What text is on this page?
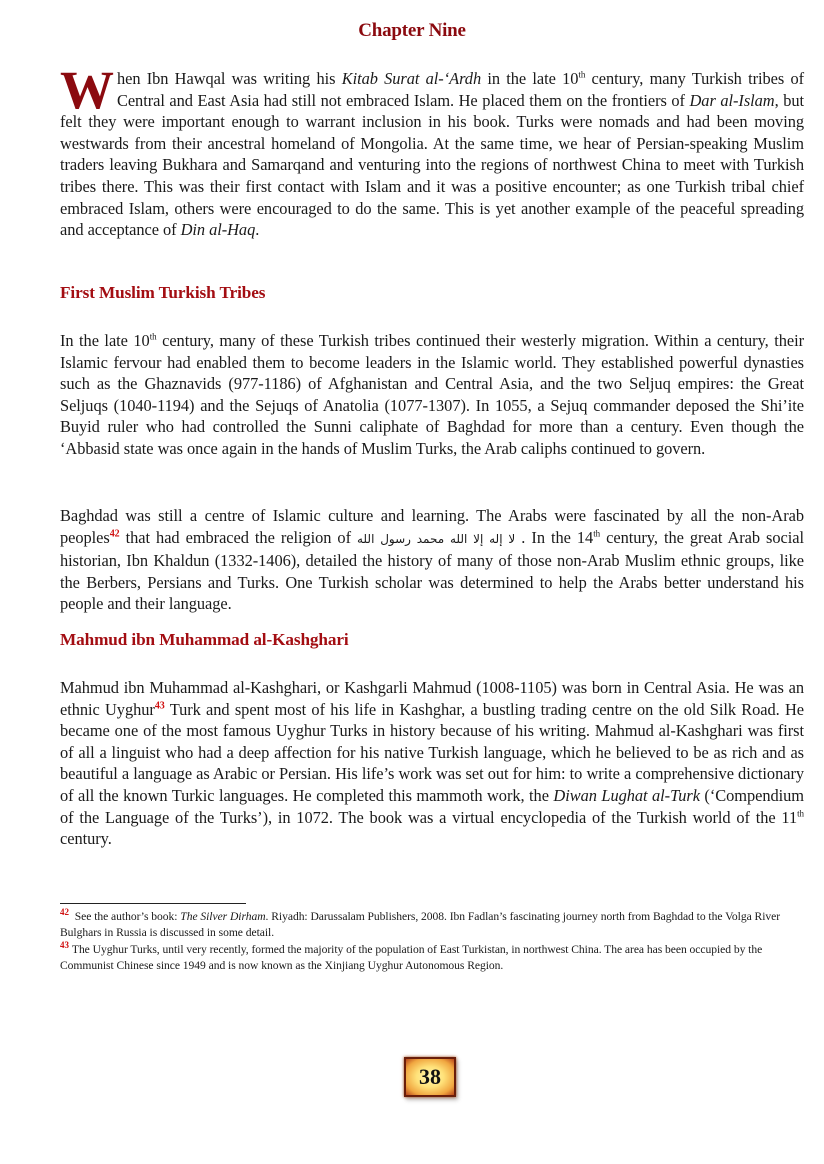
Chapter Nine
W hen Ibn Hawqal was writing his Kitab Surat al-‘Ardh in the late 10th century, many Turkish tribes of Central and East Asia had still not embraced Islam. He placed them on the frontiers of Dar al-Islam, but felt they were important enough to warrant inclusion in his book. Turks were nomads and had been moving westwards from their ancestral homeland of Mongolia. At the same time, we hear of Persian-speaking Muslim traders leaving Bukhara and Samarqand and venturing into the regions of northwest China to meet with Turkish tribes there. This was their first contact with Islam and it was a positive encounter; as one Turkish tribal chief embraced Islam, others were encouraged to do the same. This is yet another example of the peaceful spreading and acceptance of Din al-Haq.
First Muslim Turkish Tribes
In the late 10th century, many of these Turkish tribes continued their westerly migration. Within a century, their Islamic fervour had enabled them to become leaders in the Islamic world. They established powerful dynasties such as the Ghaznavids (977-1186) of Afghanistan and Central Asia, and the two Seljuq empires: the Great Seljuqs (1040-1194) and the Sejuqs of Anatolia (1077-1307). In 1055, a Sejuq commander deposed the Shi’ite Buyid ruler who had controlled the Sunni caliphate of Baghdad for more than a century. Even though the ‘Abbasid state was once again in the hands of Muslim Turks, the Arab caliphs continued to govern.
Baghdad was still a centre of Islamic culture and learning. The Arabs were fascinated by all the non-Arab peoples$^{42}$ that had embraced the religion of لا إله إلا الله محمد رسول الله . In the 14th century, the great Arab social historian, Ibn Khaldun (1332-1406), detailed the history of many of those non-Arab Muslim ethnic groups, like the Berbers, Persians and Turks. One Turkish scholar was determined to help the Arabs better understand his people and their language.
Mahmud ibn Muhammad al-Kashghari
Mahmud ibn Muhammad al-Kashghari, or Kashgarli Mahmud (1008-1105) was born in Central Asia. He was an ethnic Uyghur$^{43}$ Turk and spent most of his life in Kashghar, a bustling trading centre on the old Silk Road. He became one of the most famous Uyghur Turks in history because of his writing. Mahmud al-Kashghari was first of all a linguist who had a deep affection for his native Turkish language, which he believed to be as rich and as beautiful a language as Arabic or Persian. His life’s work was set out for him: to write a comprehensive dictionary of all the known Turkic languages. He completed this mammoth work, the Diwan Lughat al-Turk (‘Compendium of the Language of the Turks’), in 1072. The book was a virtual encyclopedia of the Turkish world of the 11th century.

$^{42}$ See the author’s book: The Silver Dirham. Riyadh: Darussalam Publishers, 2008. Ibn Fadlan’s fascinating journey north from Baghdad to the Volga River Bulghars in Russia is discussed in some detail.

$^{43}$ The Uyghur Turks, until very recently, formed the majority of the population of East Turkistan, in northwest China. The area has been occupied by the Communist Chinese since 1949 and is now known as the Xinjiang Uyghur Autonomous Region.

38
